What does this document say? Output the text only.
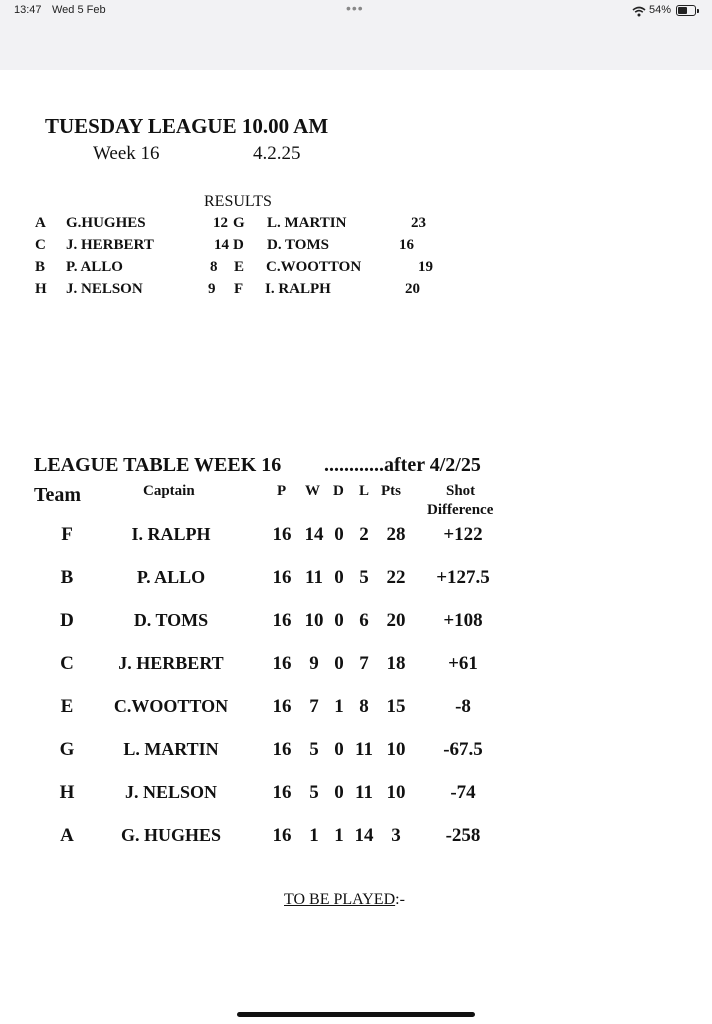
13:47 Wed 5 Feb	•••	54%
TUESDAY LEAGUE 10.00 AM
Week 16	4.2.25
RESULTS
A G.HUGHES	12 G L. MARTIN	23
C J. HERBERT	14 D D. TOMS	16
B P. ALLO	8 E C.WOOTTON	19
H J. NELSON	9 F I. RALPH	20
LEAGUE TABLE WEEK 16 ............after 4/2/25
Team	Captain	P W D L Pts	Shot
Difference
F	I. RALPH	16 14 0 2 28	+122
B	P. ALLO	16 11 0 5 22	+127.5
D	D. TOMS	16 10 0 6 20	+108
C	J. HERBERT	16 9 0 7 18	+61
E	C.WOOTTON	16 7 1 8 15	-8
G	L. MARTIN	16 5 0 11 10	-67.5
H	J. NELSON	16 5 0 11 10	-74
A	G. HUGHES	16 1 1 14 3	-258
TO BE PLAYED:-
